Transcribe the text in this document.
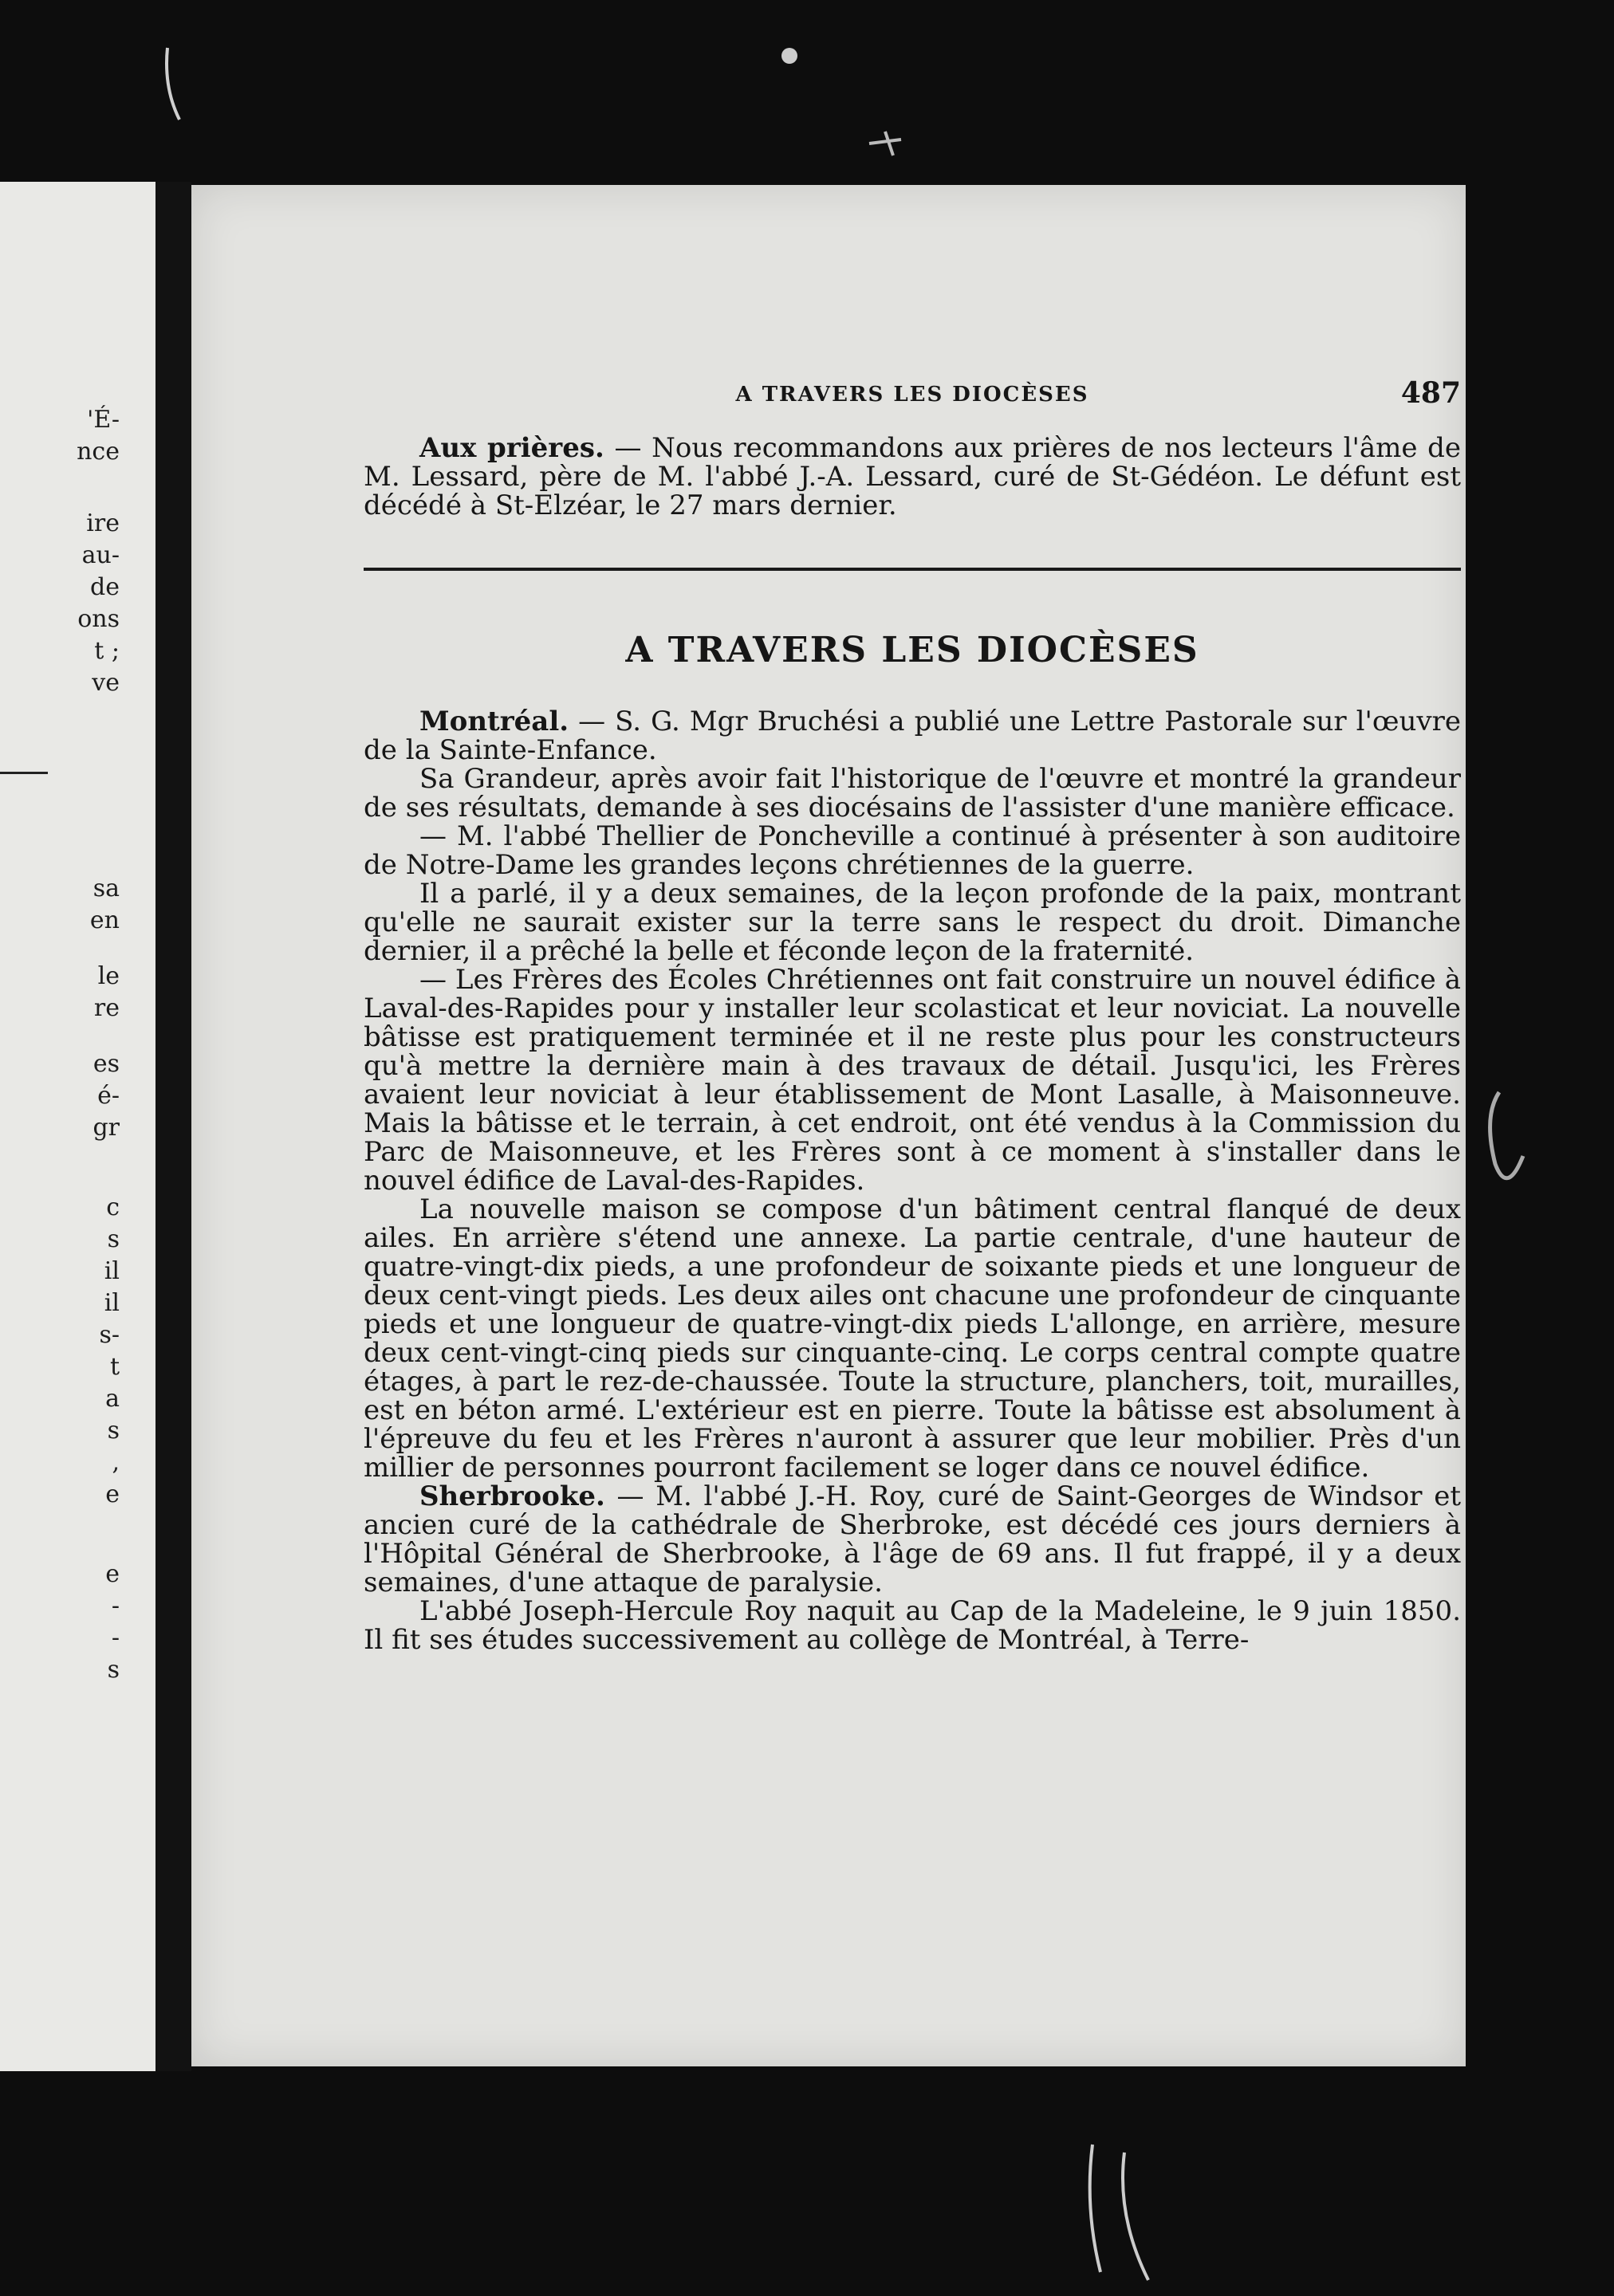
'É-
nce
ire
au-
de
ons
t ;
ve
sa
en
le
re
es
é-
gr
c
s
il
il
s-
t
a
s
,
e
e
-
-
s
A TRAVERS LES DIOCÈSES	487

Aux prières. — Nous recommandons aux prières de nos lecteurs l'âme de M. Lessard, père de M. l'abbé J.-A. Lessard, curé de St-Gédéon. Le défunt est décédé à St-Elzéar, le 27 mars dernier.

A TRAVERS LES DIOCÈSES

Montréal. — S. G. Mgr Bruchési a publié une Lettre Pastorale sur l'œuvre de la Sainte-Enfance.

Sa Grandeur, après avoir fait l'historique de l'œuvre et montré la grandeur de ses résultats, demande à ses diocésains de l'assister d'une manière efficace.

— M. l'abbé Thellier de Poncheville a continué à présenter à son auditoire de Notre-Dame les grandes leçons chrétiennes de la guerre.

Il a parlé, il y a deux semaines, de la leçon profonde de la paix, montrant qu'elle ne saurait exister sur la terre sans le respect du droit. Dimanche dernier, il a prêché la belle et féconde leçon de la fraternité.

— Les Frères des Écoles Chrétiennes ont fait construire un nouvel édifice à Laval-des-Rapides pour y installer leur scolasticat et leur noviciat. La nouvelle bâtisse est pratiquement terminée et il ne reste plus pour les constructeurs qu'à mettre la dernière main à des travaux de détail. Jusqu'ici, les Frères avaient leur noviciat à leur établissement de Mont Lasalle, à Maisonneuve. Mais la bâtisse et le terrain, à cet endroit, ont été vendus à la Commission du Parc de Maisonneuve, et les Frères sont à ce moment à s'installer dans le nouvel édifice de Laval-des-Rapides.

La nouvelle maison se compose d'un bâtiment central flanqué de deux ailes. En arrière s'étend une annexe. La partie centrale, d'une hauteur de quatre-vingt-dix pieds, a une profondeur de soixante pieds et une longueur de deux cent-vingt pieds. Les deux ailes ont chacune une profondeur de cinquante pieds et une longueur de quatre-vingt-dix pieds L'allonge, en arrière, mesure deux cent-vingt-cinq pieds sur cinquante-cinq. Le corps central compte quatre étages, à part le rez-de-chaussée. Toute la structure, planchers, toit, murailles, est en béton armé. L'extérieur est en pierre. Toute la bâtisse est absolument à l'épreuve du feu et les Frères n'auront à assurer que leur mobilier. Près d'un millier de personnes pourront facilement se loger dans ce nouvel édifice.

Sherbrooke. — M. l'abbé J.-H. Roy, curé de Saint-Georges de Windsor et ancien curé de la cathédrale de Sherbroke, est décédé ces jours derniers à l'Hôpital Général de Sherbrooke, à l'âge de 69 ans. Il fut frappé, il y a deux semaines, d'une attaque de paralysie.

L'abbé Joseph-Hercule Roy naquit au Cap de la Madeleine, le 9 juin 1850. Il fit ses études successivement au collège de Montréal, à Terre-
